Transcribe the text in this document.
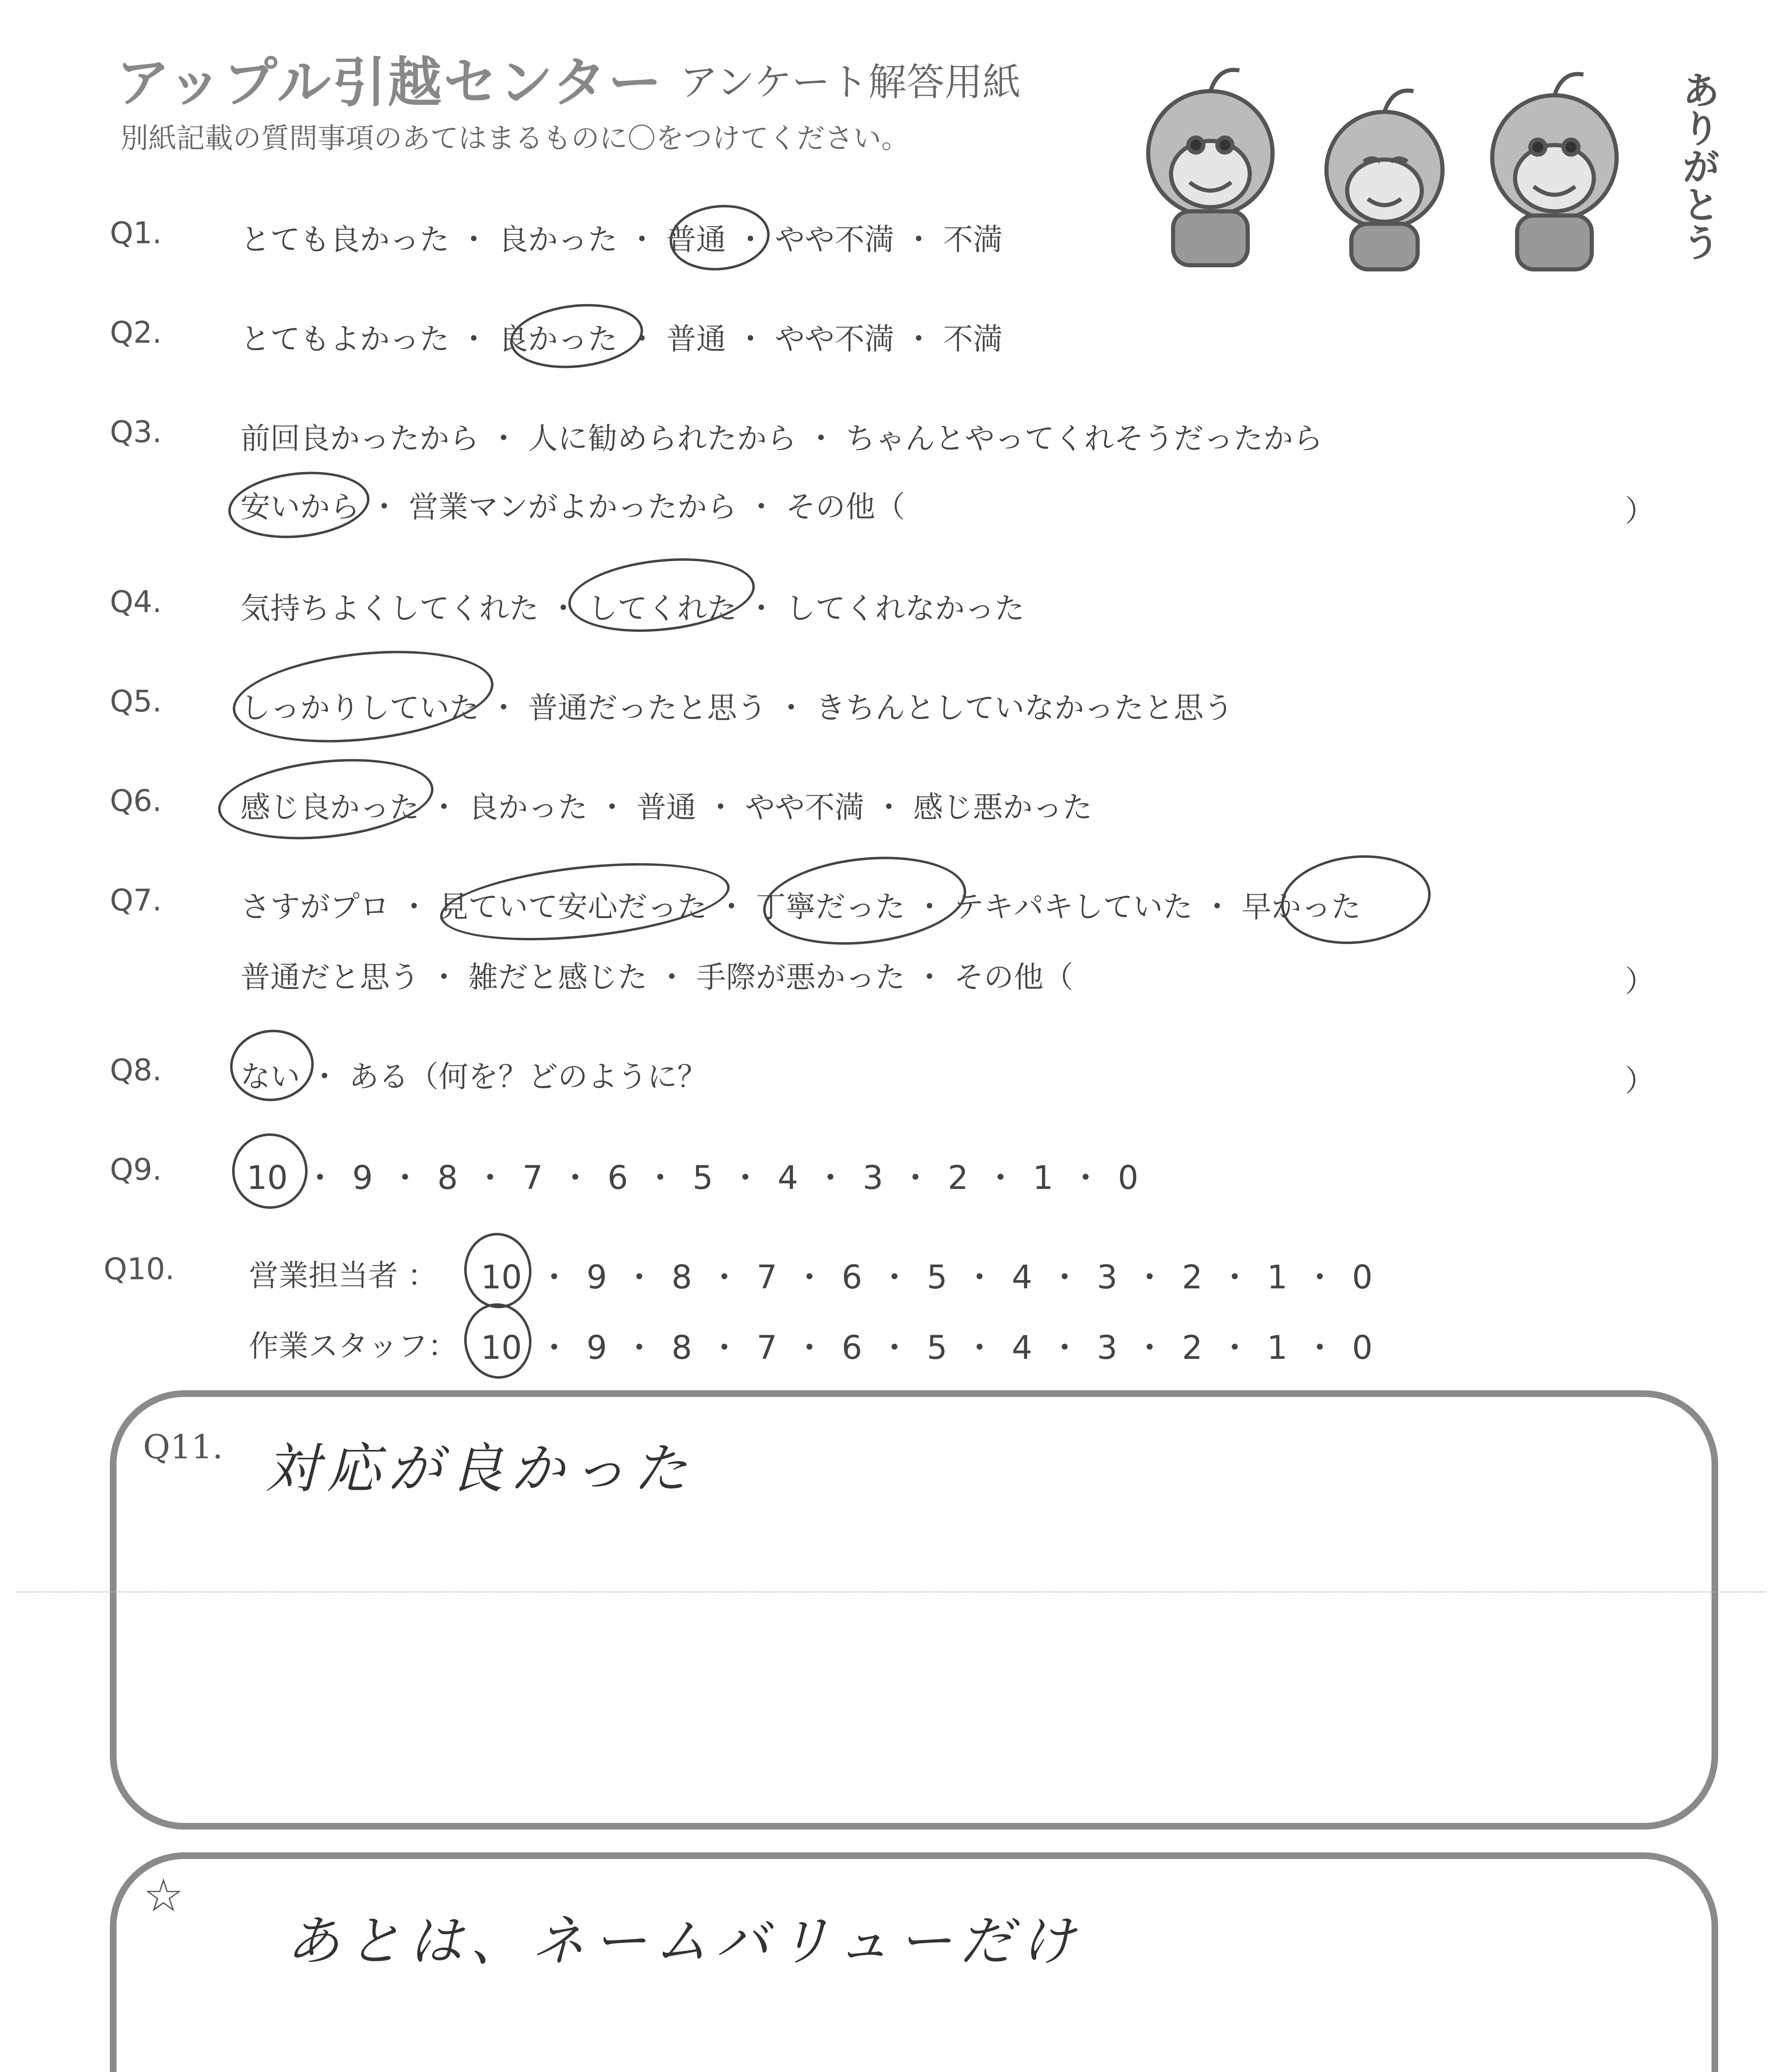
アップル引越センター アンケート解答用紙
別紙記載の質問事項のあてはまるものに〇をつけてください。	ありがとう
Q1.	とても良かった ・ 良かった ・ 普通 ・ やや不満 ・ 不満
Q2.	とてもよかった ・ 良かった ・ 普通 ・ やや不満 ・ 不満
Q3.	前回良かったから ・ 人に勧められたから ・ ちゃんとやってくれそうだったから
安いから ・ 営業マンがよかったから ・ その他（	）
Q4.	気持ちよくしてくれた ・ してくれた ・ してくれなかった
Q5.	しっかりしていた ・ 普通だったと思う ・ きちんとしていなかったと思う
Q6.	感じ良かった ・ 良かった ・ 普通 ・ やや不満 ・ 感じ悪かった
Q7.	さすがプロ ・ 見ていて安心だった ・ 丁寧だった ・ テキパキしていた ・ 早かった
普通だと思う ・ 雑だと感じた ・ 手際が悪かった ・ その他（	）
Q8.	ない ・ ある（何を？どのように？	）
Q9.	10 ・ 9 ・ 8 ・ 7 ・ 6 ・ 5 ・ 4 ・ 3 ・ 2 ・ 1 ・ 0
Q10. 営業担当者 ： 10 ・ 9 ・ 8 ・ 7 ・ 6 ・ 5 ・ 4 ・ 3 ・ 2 ・ 1 ・ 0
作業スタッフ： 10 ・ 9 ・ 8 ・ 7 ・ 6 ・ 5 ・ 4 ・ 3 ・ 2 ・ 1 ・ 0
Q11. 対応が良かった
☆
あとは、ネームバリューだけ
